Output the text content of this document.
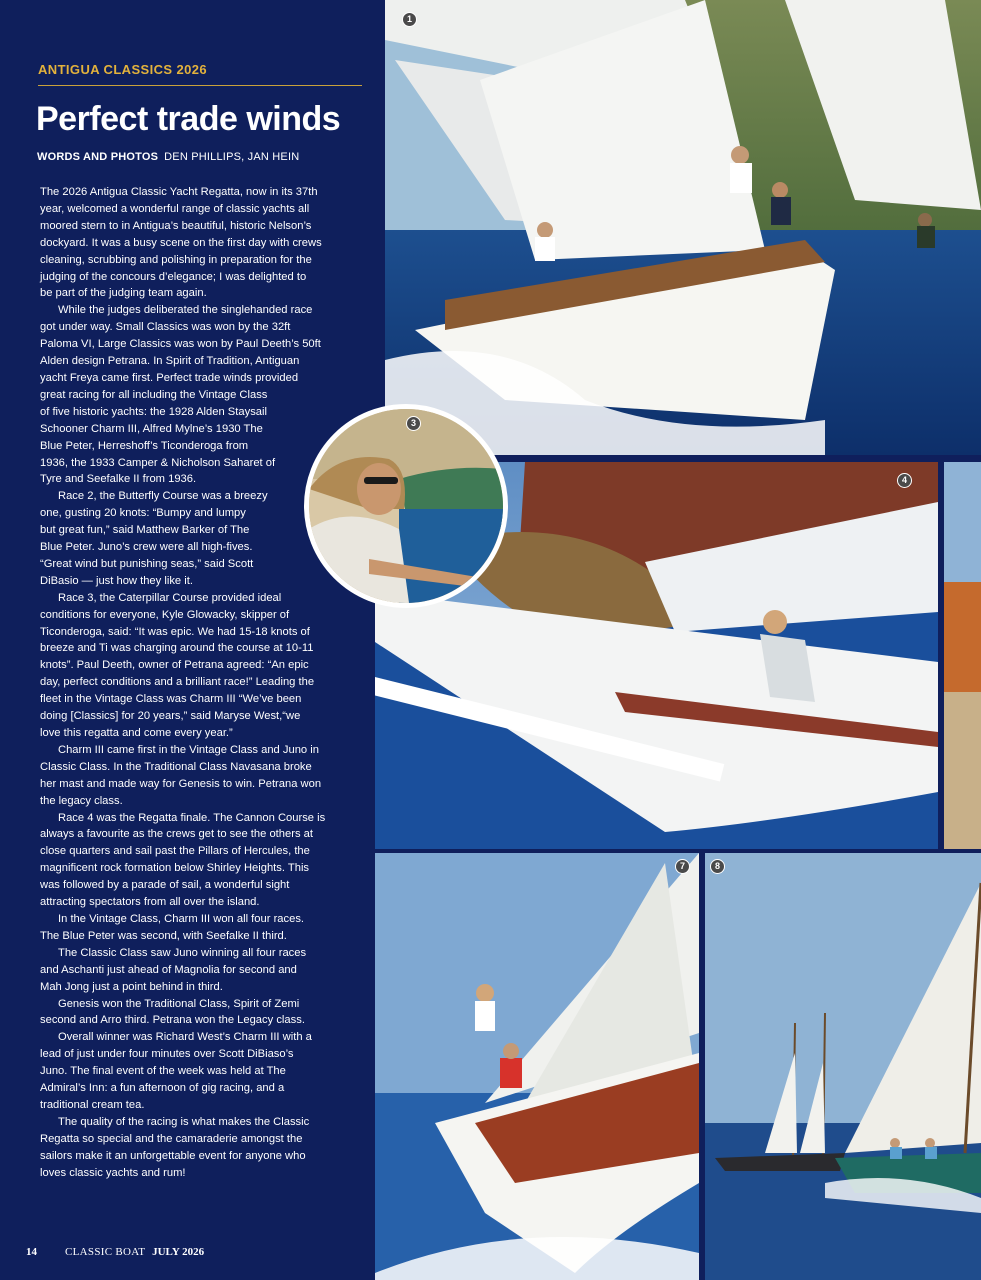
1
4
7	8
3
ANTIGUA CLASSICS 2026
Perfect trade winds
WORDS AND PHOTOS DEN PHILLIPS, JAN HEIN
The 2026 Antigua Classic Yacht Regatta, now in its 37th
year, welcomed a wonderful range of classic yachts all
moored stern to in Antigua’s beautiful, historic Nelson’s
dockyard. It was a busy scene on the first day with crews
cleaning, scrubbing and polishing in preparation for the
judging of the concours d’elegance; I was delighted to
be part of the judging team again.
While the judges deliberated the singlehanded race
got under way. Small Classics was won by the 32ft
Paloma VI, Large Classics was won by Paul Deeth’s 50ft
Alden design Petrana. In Spirit of Tradition, Antiguan
yacht Freya came first. Perfect trade winds provided
great racing for all including the Vintage Class
of five historic yachts: the 1928 Alden Staysail
Schooner Charm III, Alfred Mylne’s 1930 The
Blue Peter, Herreshoff’s Ticonderoga from
1936, the 1933 Camper & Nicholson Saharet of
Tyre and Seefalke II from 1936.
Race 2, the Butterfly Course was a breezy
one, gusting 20 knots: “Bumpy and lumpy
but great fun,” said Matthew Barker of The
Blue Peter. Juno’s crew were all high-fives.
“Great wind but punishing seas,” said Scott
DiBasio — just how they like it.
Race 3, the Caterpillar Course provided ideal
conditions for everyone, Kyle Glowacky, skipper of
Ticonderoga, said: “It was epic. We had 15-18 knots of
breeze and Ti was charging around the course at 10-11
knots”. Paul Deeth, owner of Petrana agreed: “An epic
day, perfect conditions and a brilliant race!” Leading the
fleet in the Vintage Class was Charm III “We’ve been
doing [Classics] for 20 years,” said Maryse West,“we
love this regatta and come every year.”
Charm III came first in the Vintage Class and Juno in
Classic Class. In the Traditional Class Navasana broke
her mast and made way for Genesis to win. Petrana won
the legacy class.
Race 4 was the Regatta finale. The Cannon Course is
always a favourite as the crews get to see the others at
close quarters and sail past the Pillars of Hercules, the
magnificent rock formation below Shirley Heights. This
was followed by a parade of sail, a wonderful sight
attracting spectators from all over the island.
In the Vintage Class, Charm III won all four races.
The Blue Peter was second, with Seefalke II third.
The Classic Class saw Juno winning all four races
and Aschanti just ahead of Magnolia for second and
Mah Jong just a point behind in third.
Genesis won the Traditional Class, Spirit of Zemi
second and Arro third. Petrana won the Legacy class.
Overall winner was Richard West’s Charm III with a
lead of just under four minutes over Scott DiBiaso’s
Juno. The final event of the week was held at The
Admiral’s Inn: a fun afternoon of gig racing, and a
traditional cream tea.
The quality of the racing is what makes the Classic
Regatta so special and the camaraderie amongst the
sailors make it an unforgettable event for anyone who
loves classic yachts and rum!
14	CLASSIC BOAT JULY 2026
